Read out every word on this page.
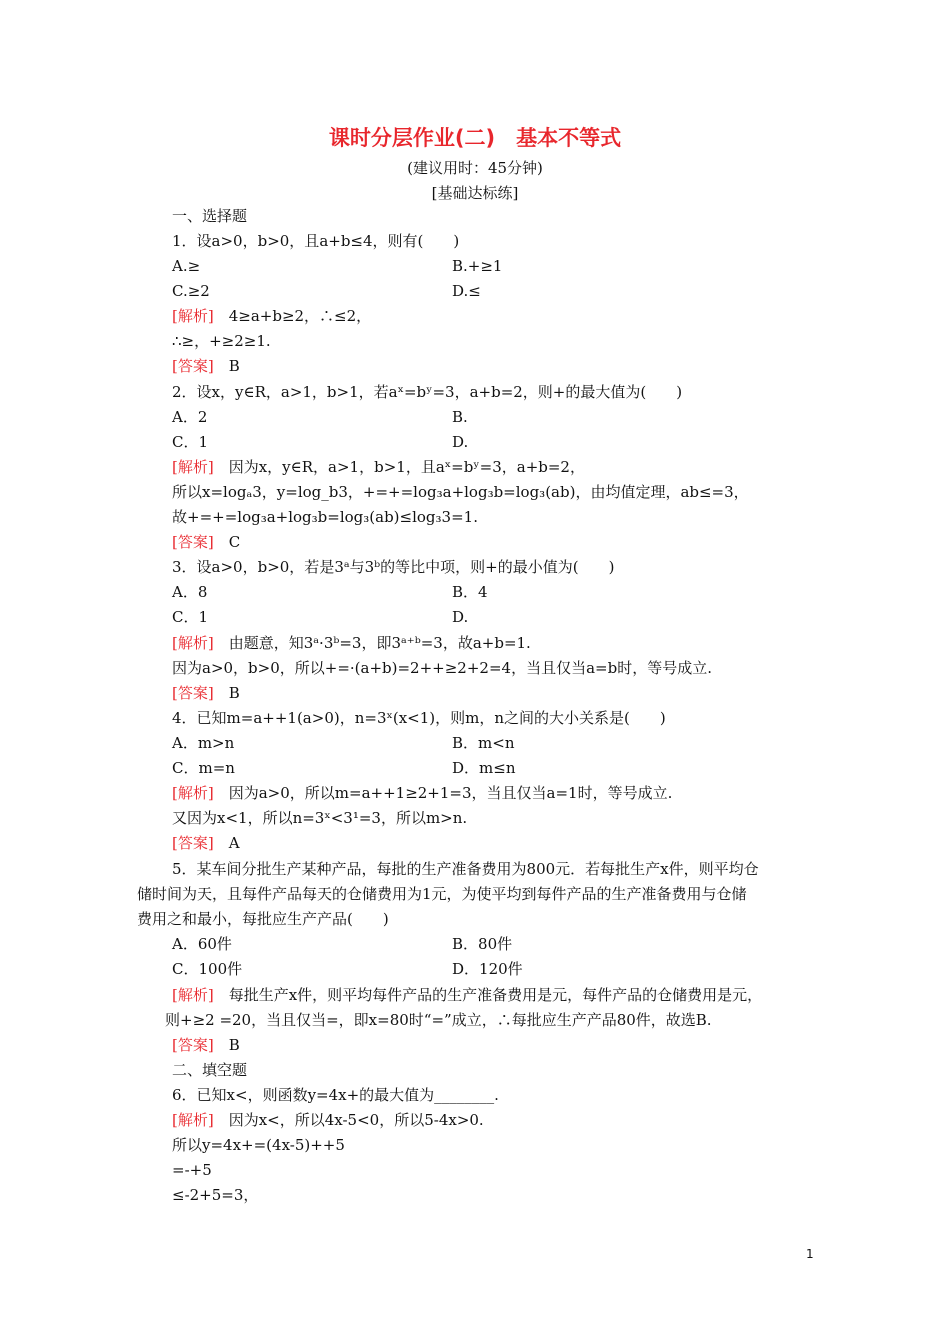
课时分层作业(二)　基本不等式
(建议用时：45分钟)
[基础达标练]
一、选择题
1．设a>0，b>0，且a+b≤4，则有(　　)
A.≥	B.+≥1
C.≥2	D.≤
[解析]　4≥a+b≥2，∴≤2，
∴≥，+≥2≥1.
[答案]　B
2．设x，y∈R，a>1，b>1，若aˣ=bʸ=3，a+b=2，则+的最大值为(　　)
A．2	B.
C．1	D.
[解析]　因为x，y∈R，a>1，b>1，且aˣ=bʸ=3，a+b=2，
所以x=logₐ3，y=log_b3，+=+=log₃a+log₃b=log₃(ab)，由均值定理，ab≤=3，
故+=+=log₃a+log₃b=log₃(ab)≤log₃3=1.
[答案]　C
3．设a>0，b>0，若是3ᵃ与3ᵇ的等比中项，则+的最小值为(　　)
A．8	B．4
C．1	D.
[解析]　由题意，知3ᵃ·3ᵇ=3，即3ᵃ⁺ᵇ=3，故a+b=1.
因为a>0，b>0，所以+=·(a+b)=2++≥2+2=4，当且仅当a=b时，等号成立.
[答案]　B
4．已知m=a++1(a>0)，n=3ˣ(x<1)，则m，n之间的大小关系是(　　)
A．m>n	B．m<n
C．m=n	D．m≤n
[解析]　因为a>0，所以m=a++1≥2+1=3，当且仅当a=1时，等号成立.
又因为x<1，所以n=3ˣ<3¹=3，所以m>n.
[答案]　A
5．某车间分批生产某种产品，每批的生产准备费用为800元．若每批生产x件，则平均仓
储时间为天，且每件产品每天的仓储费用为1元，为使平均到每件产品的生产准备费用与仓储
费用之和最小，每批应生产产品(　　)
A．60件	B．80件
C．100件	D．120件
[解析]　每批生产x件，则平均每件产品的生产准备费用是元，每件产品的仓储费用是元，
则+≥2 =20，当且仅当=，即x=80时“=”成立，∴每批应生产产品80件，故选B.
[答案]　B
二、填空题
6．已知x<，则函数y=4x+的最大值为________.
[解析]　因为x<，所以4x-5<0，所以5-4x>0.
所以y=4x+=(4x-5)++5
=-+5
≤-2+5=3，
1
